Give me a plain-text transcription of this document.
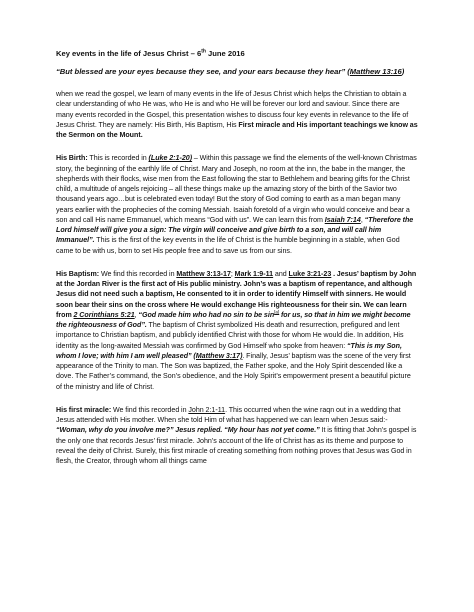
Key events in the life of Jesus Christ – 6th June 2016

“But blessed are your eyes because they see, and your ears because they hear” (Matthew 13:16)

when we read the gospel, we learn of many events in the life of Jesus Christ which helps the Christian to obtain a clear understanding of who He was, who He is and who He will be forever our lord and saviour. Since there are many events recorded in the Gospel, this presentation wishes to discuss four key events in relevance to the life of Jesus Christ. They are namely: His Birth, His Baptism, His First miracle and His important teachings we know as the Sermon on the Mount.

His Birth: This is recorded in (Luke 2:1-20) – Within this passage we find the elements of the well-known Christmas story, the beginning of the earthly life of Christ. Mary and Joseph, no room at the inn, the babe in the manger, the shepherds with their flocks, wise men from the East following the star to Bethlehem and bearing gifts for the Christ child, a multitude of angels rejoicing – all these things make up the amazing story of the birth of the Savior two thousand years ago…but is celebrated even today! But the story of God coming to earth as a man began many years earlier with the prophecies of the coming Messiah. Isaiah foretold of a virgin who would conceive and bear a son and call His name Emmanuel, which means “God with us”. We can learn this from Isaiah 7:14, “Therefore the Lord himself will give you a sign: The virgin will conceive and give birth to a son, and will call him Immanuel”. This is the first of the key events in the life of Christ is the humble beginning in a stable, when God came to be with us, born to set His people free and to save us from our sins.

His Baptism: We find this recorded in Matthew 3:13-17; Mark 1:9-11 and Luke 3:21-23 . Jesus’ baptism by John at the Jordan River is the first act of His public ministry. John’s was a baptism of repentance, and although Jesus did not need such a baptism, He consented to it in order to identify Himself with sinners. He would soon bear their sins on the cross where He would exchange His righteousness for their sin. We can learn from 2 Corinthians 5:21, “God made him who had no sin to be sin[a] for us, so that in him we might become the righteousness of God”. The baptism of Christ symbolized His death and resurrection, prefigured and lent importance to Christian baptism, and publicly identified Christ with those for whom He would die. In addition, His identity as the long-awaited Messiah was confirmed by God Himself who spoke from heaven: “This is my Son, whom I love; with him I am well pleased” (Matthew 3:17). Finally, Jesus’ baptism was the scene of the very first appearance of the Trinity to man. The Son was baptized, the Father spoke, and the Holy Spirit descended like a dove. The Father’s command, the Son’s obedience, and the Holy Spirit’s empowerment present a beautiful picture of the ministry and life of Christ.

His first miracle: We find this recorded in John 2:1-11. This occurred when the wine raqn out in a wedding that Jesus attended with His mother. When she told Him of what has happened we can learn when Jesus said:- “Woman, why do you involve me?” Jesus replied. “My hour has not yet come.” It is fitting that John’s gospel is the only one that records Jesus’ first miracle. John’s account of the life of Christ has as its theme and purpose to reveal the deity of Christ. Surely, this first miracle of creating something from nothing proves that Jesus was God in flesh, the Creator, through whom all things came
